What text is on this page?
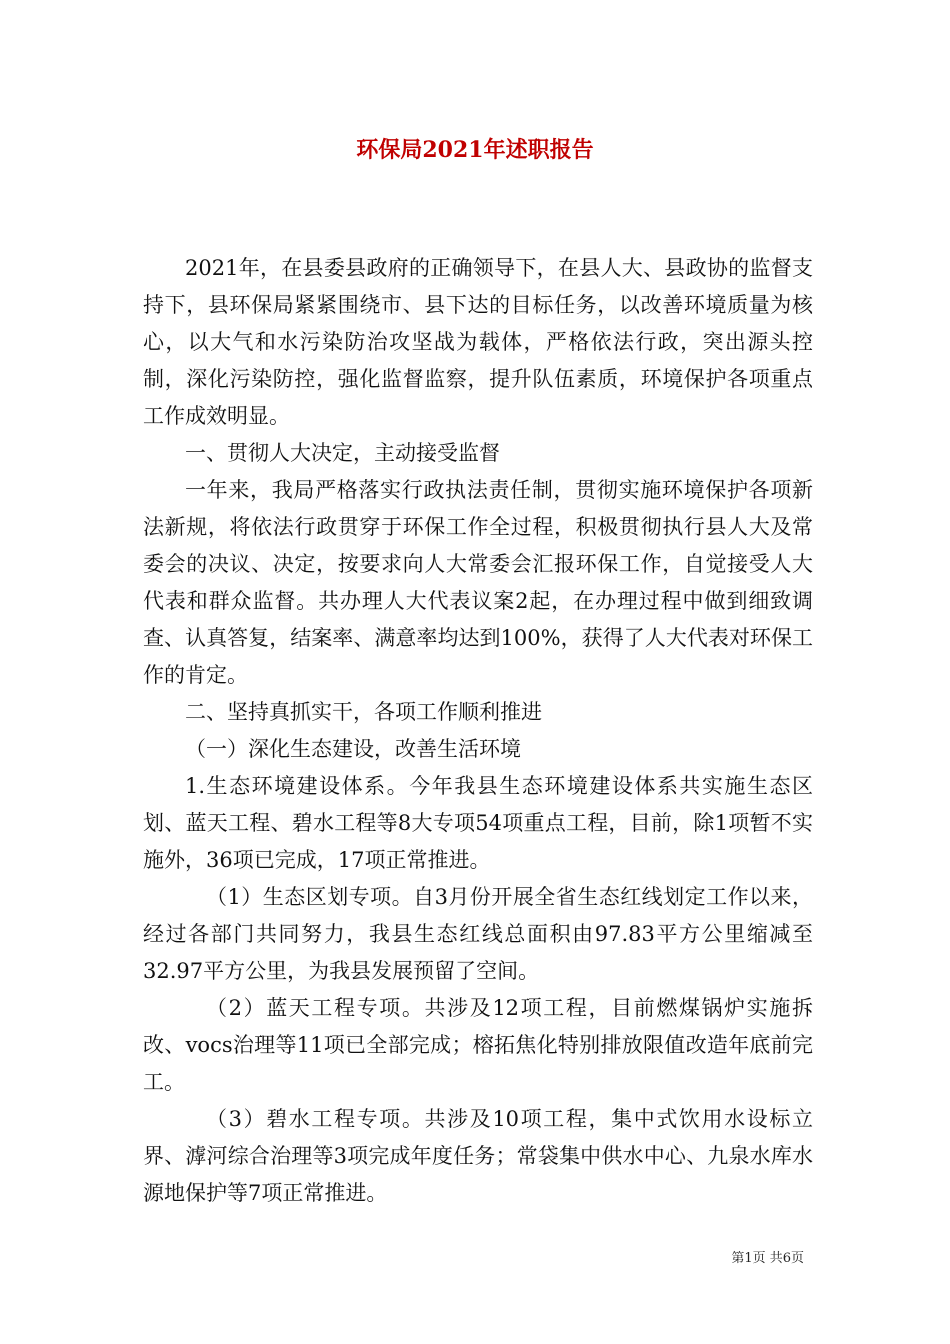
环保局2021年述职报告

2021年，在县委县政府的正确领导下，在县人大、县政协的监督支持下，县环保局紧紧围绕市、县下达的目标任务，以改善环境质量为核心，以大气和水污染防治攻坚战为载体，严格依法行政，突出源头控制，深化污染防控，强化监督监察，提升队伍素质，环境保护各项重点工作成效明显。

一、贯彻人大决定，主动接受监督

一年来，我局严格落实行政执法责任制，贯彻实施环境保护各项新法新规，将依法行政贯穿于环保工作全过程，积极贯彻执行县人大及常委会的决议、决定，按要求向人大常委会汇报环保工作，自觉接受人大代表和群众监督。共办理人大代表议案2起，在办理过程中做到细致调查、认真答复，结案率、满意率均达到100%，获得了人大代表对环保工作的肯定。

二、坚持真抓实干，各项工作顺利推进

（一）深化生态建设，改善生活环境

1.生态环境建设体系。今年我县生态环境建设体系共实施生态区划、蓝天工程、碧水工程等8大专项54项重点工程，目前，除1项暂不实施外，36项已完成，17项正常推进。

（1）生态区划专项。自3月份开展全省生态红线划定工作以来，经过各部门共同努力，我县生态红线总面积由97.83平方公里缩减至32.97平方公里，为我县发展预留了空间。

（2）蓝天工程专项。共涉及12项工程，目前燃煤锅炉实施拆改、vocs治理等11项已全部完成；榕拓焦化特别排放限值改造年底前完工。

（3）碧水工程专项。共涉及10项工程，集中式饮用水设标立界、滹河综合治理等3项完成年度任务；常袋集中供水中心、九泉水库水源地保护等7项正常推进。

第1页 共6页
